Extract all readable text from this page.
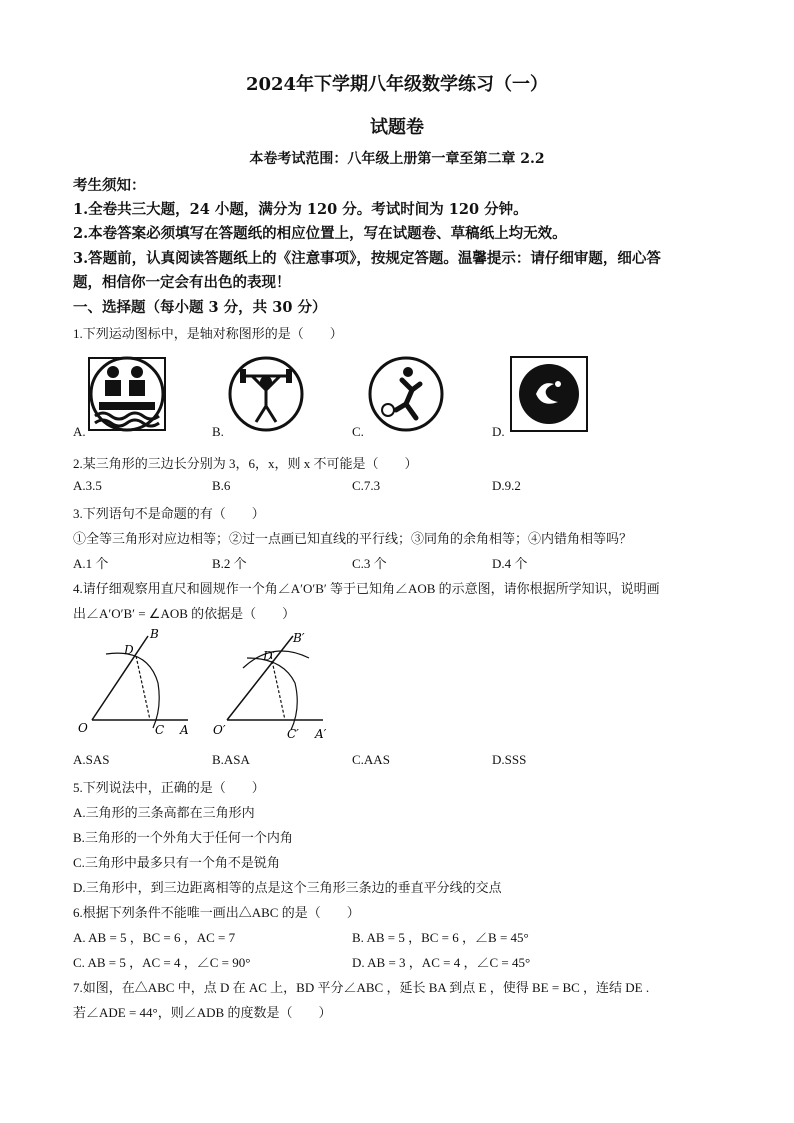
2024年下学期八年级数学练习（一）
试题卷
本卷考试范围：八年级上册第一章至第二章 2.2
考生须知：
1.全卷共三大题，24 小题，满分为 120 分。考试时间为 120 分钟。
2.本卷答案必须填写在答题纸的相应位置上，写在试题卷、草稿纸上均无效。
3.答题前，认真阅读答题纸上的《注意事项》，按规定答题。温馨提示：请仔细审题，细心答
题，相信你一定会有出色的表现！
一、选择题（每小题 3 分，共 30 分）
1.下列运动图标中，是轴对称图形的是（　　）
A.	B.	C.	D.
2.某三角形的三边长分别为 3，6，x，则 x 不可能是（　　）
A.3.5	B.6	C.7.3	D.9.2
3.下列语句不是命题的有（　　）
①全等三角形对应边相等；②过一点画已知直线的平行线；③同角的余角相等；④内错角相等吗？
A.1 个	B.2 个	C.3 个	D.4 个
4.请仔细观察用直尺和圆规作一个角∠A′O′B′ 等于已知角∠AOB 的示意图，请你根据所学知识，说明画
出∠A′O′B′ = ∠AOB 的依据是（　　）
B
D
O	C A
B′
D′
O′	C′ A′
A.SAS	B.ASA	C.AAS	D.SSS
5.下列说法中，正确的是（　　）
A.三角形的三条高都在三角形内
B.三角形的一个外角大于任何一个内角
C.三角形中最多只有一个角不是锐角
D.三角形中，到三边距离相等的点是这个三角形三条边的垂直平分线的交点
6.根据下列条件不能唯一画出△ABC 的是（　　）
A. AB = 5 ，BC = 6 ，AC = 7	B. AB = 5 ，BC = 6 ，∠B = 45°
C. AB = 5 ，AC = 4 ，∠C = 90°	D. AB = 3 ，AC = 4 ，∠C = 45°
7.如图，在△ABC 中，点 D 在 AC 上，BD 平分∠ABC ，延长 BA 到点 E ，使得 BE = BC ，连结 DE .
若∠ADE = 44°，则∠ADB 的度数是（　　）
